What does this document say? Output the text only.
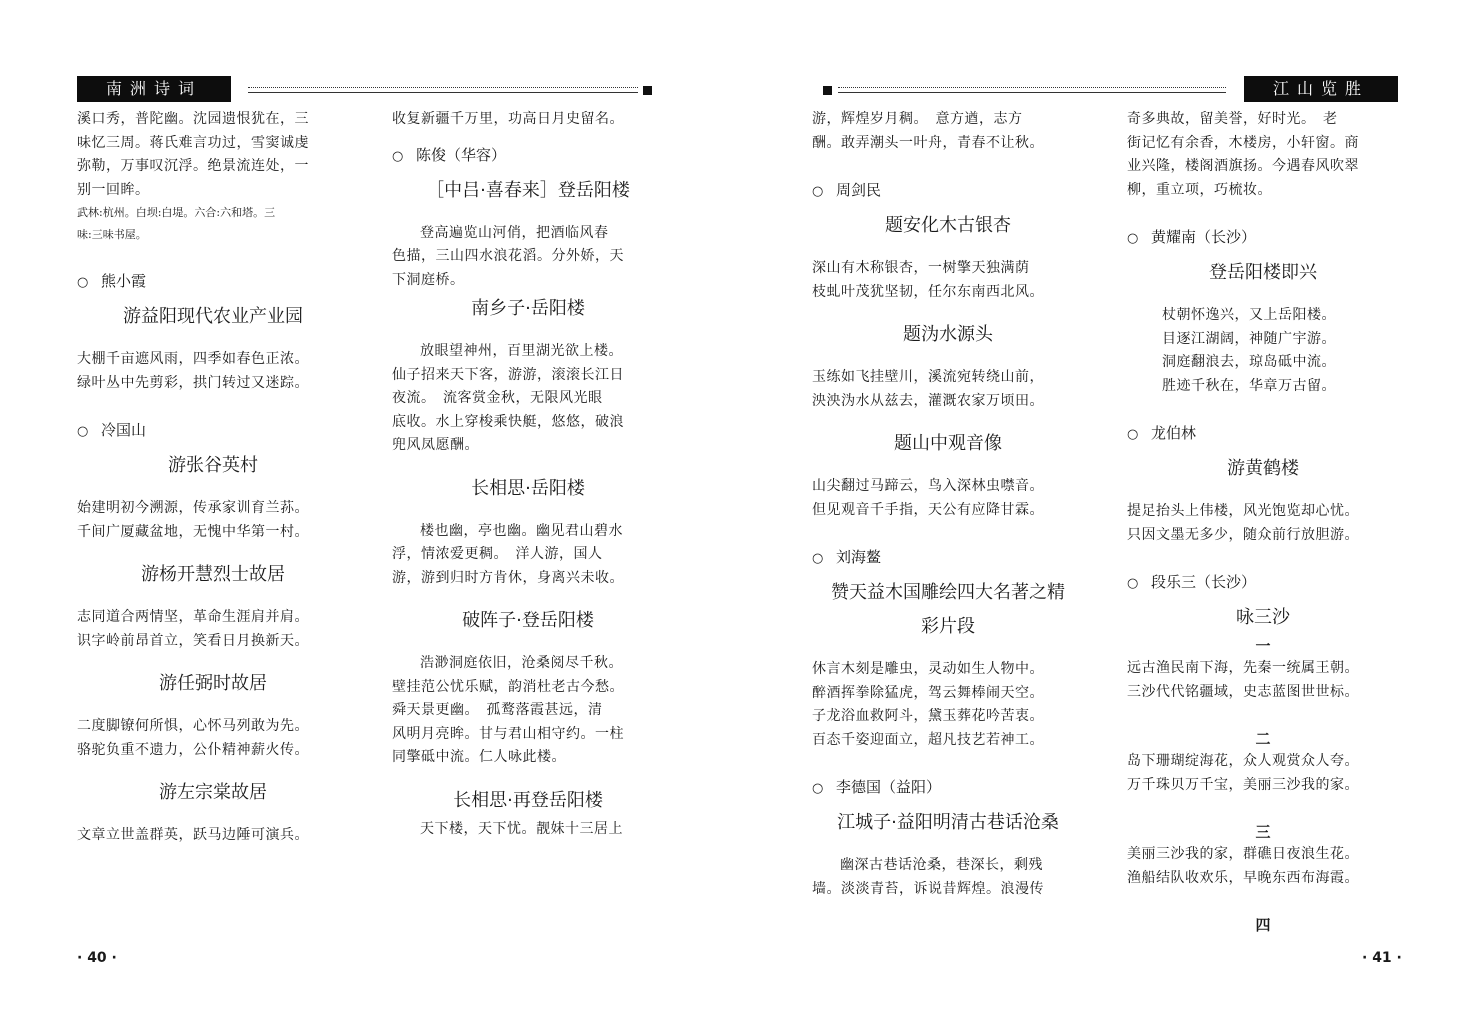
南洲诗词	江山览胜

溪口秀，普陀幽。沈园遗恨犹在，三

味忆三周。蒋氏难言功过，雪窦诚虔

弥勒，万事叹沉浮。绝景流连处，一

别一回眸。

武林:杭州。白坝:白堤。六合:六和塔。三

味:三味书屋。

○ 熊小霞

游益阳现代农业产业园

大棚千亩遮风雨，四季如春色正浓。

绿叶丛中先剪彩，拱门转过又迷踪。

○ 冷国山

游张谷英村

始建明初今溯源，传承家训育兰荪。

千间广厦藏盆地，无愧中华第一村。

游杨开慧烈士故居

志同道合两情坚，革命生涯肩并肩。

识字岭前昂首立，笑看日月换新天。

游任弼时故居

二度脚镣何所惧，心怀马列敢为先。

骆驼负重不遗力，公仆精神薪火传。

游左宗棠故居

文章立世盖群英，跃马边陲可演兵。

收复新疆千万里，功高日月史留名。

○ 陈俊（华容）

［中吕·喜春来］登岳阳楼

登高遍览山河俏，把酒临风春

色描，三山四水浪花滔。分外娇，天

下洞庭桥。

南乡子·岳阳楼

放眼望神州，百里湖光欲上楼。

仙子招来天下客，游游，滚滚长江日

夜流。　流客赏金秋，无限风光眼

底收。水上穿梭乘快艇，悠悠，破浪

兜风凤愿酬。

长相思·岳阳楼

楼也幽，亭也幽。幽见君山碧水

浮，情浓爱更稠。　洋人游，国人

游，游到归时方肯休，身离兴未收。

破阵子·登岳阳楼

浩渺洞庭依旧，沧桑阅尽千秋。

壁挂范公忧乐赋，韵消杜老古今愁。

舜天景更幽。　孤鹜落霞甚远，清

风明月亮眸。甘与君山相守约。一柱

同擎砥中流。仁人咏此楼。

长相思·再登岳阳楼

天下楼，天下忧。靓妹十三居上

游，辉煌岁月稠。　意方遒，志方

酬。敢弄潮头一叶舟，青春不让秋。

○ 周剑民

题安化木古银杏

深山有木称银杏，一树擎天独满荫

枝虬叶茂犹坚韧，任尔东南西北风。

题沩水源头

玉练如飞挂壁川，溪流宛转绕山前，

泱泱沩水从兹去，灌溉农家万顷田。

题山中观音像

山尖翻过马蹄云，鸟入深林虫噤音。

但见观音千手指，天公有应降甘霖。

○ 刘海鳌

赞天益木国雕绘四大名著之精

彩片段

休言木刻是雕虫，灵动如生人物中。

醉酒挥拳除猛虎，驾云舞棒闹天空。

子龙浴血救阿斗，黛玉葬花吟苦衷。

百态千姿迎面立，超凡技艺若神工。

○ 李德国（益阳）

江城子·益阳明清古巷话沧桑

幽深古巷话沧桑，巷深长，剩残

墙。淡淡青苔，诉说昔辉煌。浪漫传

奇多典故，留美誉，好时光。　老

街记忆有余香，木楼房，小轩窗。商

业兴隆，楼阁酒旗扬。今遇春风吹翠

柳，重立项，巧梳妆。

○ 黄耀南（长沙）

登岳阳楼即兴

杖朝怀逸兴，又上岳阳楼。

目逐江湖阔，神随广宇游。

洞庭翻浪去，琼岛砥中流。

胜迹千秋在，华章万古留。

○ 龙伯林

游黄鹤楼

提足抬头上伟楼，风光饱览却心忧。

只因文墨无多少，随众前行放胆游。

○ 段乐三（长沙）

咏三沙

一

远古渔民南下海，先秦一统属王朝。

三沙代代铭疆域，史志蓝图世世标。

二

岛下珊瑚绽海花，众人观赏众人夸。

万千珠贝万千宝，美丽三沙我的家。

三

美丽三沙我的家，群礁日夜浪生花。

渔船结队收欢乐，早晚东西布海霞。

四

· 40 ·	· 41 ·
